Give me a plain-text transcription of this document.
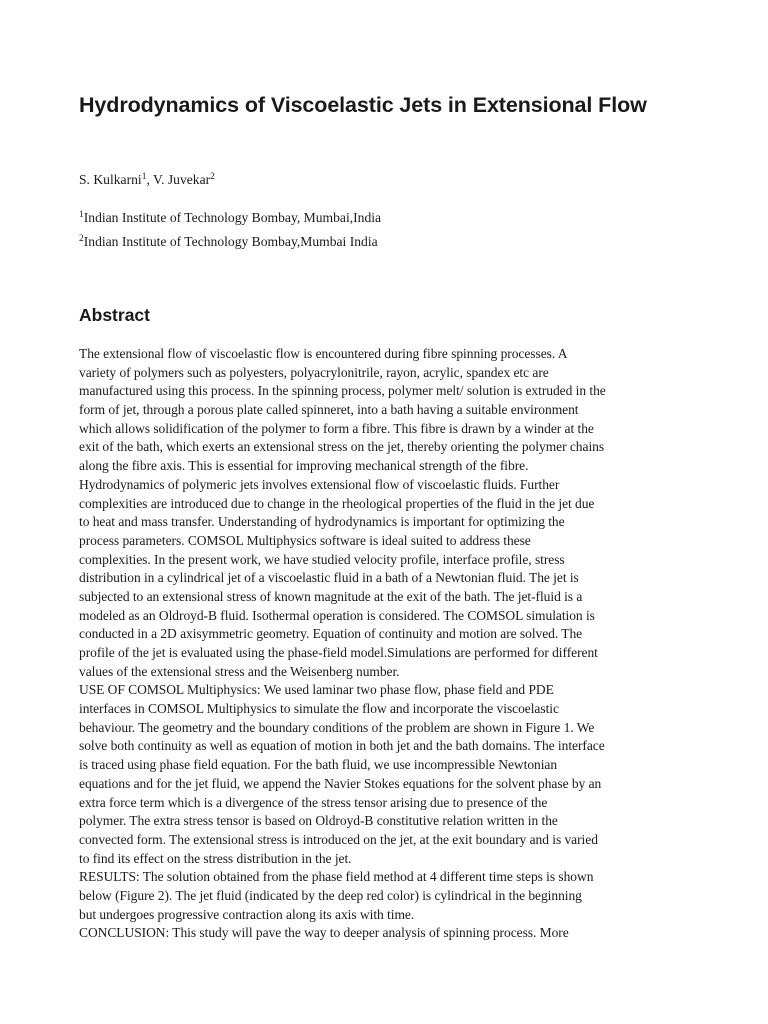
Hydrodynamics of Viscoelastic Jets in Extensional Flow

S. Kulkarni$^1$, V. Juvekar$^2$

$^1$Indian Institute of Technology Bombay, Mumbai,India
$^2$Indian Institute of Technology Bombay,Mumbai India
Abstract
The extensional flow of viscoelastic flow is encountered during fibre spinning processes. A
variety of polymers such as polyesters, polyacrylonitrile, rayon, acrylic, spandex etc are
manufactured using this process. In the spinning process, polymer melt/ solution is extruded in the
form of jet, through a porous plate called spinneret, into a bath having a suitable environment
which allows solidification of the polymer to form a fibre. This fibre is drawn by a winder at the
exit of the bath, which exerts an extensional stress on the jet, thereby orienting the polymer chains
along the fibre axis. This is essential for improving mechanical strength of the fibre.
Hydrodynamics of polymeric jets involves extensional flow of viscoelastic fluids. Further
complexities are introduced due to change in the rheological properties of the fluid in the jet due
to heat and mass transfer. Understanding of hydrodynamics is important for optimizing the
process parameters. COMSOL Multiphysics software is ideal suited to address these
complexities. In the present work, we have studied velocity profile, interface profile, stress
distribution in a cylindrical jet of a viscoelastic fluid in a bath of a Newtonian fluid. The jet is
subjected to an extensional stress of known magnitude at the exit of the bath. The jet-fluid is a
modeled as an Oldroyd-B fluid. Isothermal operation is considered. The COMSOL simulation is
conducted in a 2D axisymmetric geometry. Equation of continuity and motion are solved. The
profile of the jet is evaluated using the phase-field model.Simulations are performed for different
values of the extensional stress and the Weisenberg number.
USE OF COMSOL Multiphysics: We used laminar two phase flow, phase field and PDE
interfaces in COMSOL Multiphysics to simulate the flow and incorporate the viscoelastic
behaviour. The geometry and the boundary conditions of the problem are shown in Figure 1. We
solve both continuity as well as equation of motion in both jet and the bath domains. The interface
is traced using phase field equation. For the bath fluid, we use incompressible Newtonian
equations and for the jet fluid, we append the Navier Stokes equations for the solvent phase by an
extra force term which is a divergence of the stress tensor arising due to presence of the
polymer. The extra stress tensor is based on Oldroyd-B constitutive relation written in the
convected form. The extensional stress is introduced on the jet, at the exit boundary and is varied
to find its effect on the stress distribution in the jet.
RESULTS: The solution obtained from the phase field method at 4 different time steps is shown
below (Figure 2). The jet fluid (indicated by the deep red color) is cylindrical in the beginning
but undergoes progressive contraction along its axis with time.
CONCLUSION: This study will pave the way to deeper analysis of spinning process. More
